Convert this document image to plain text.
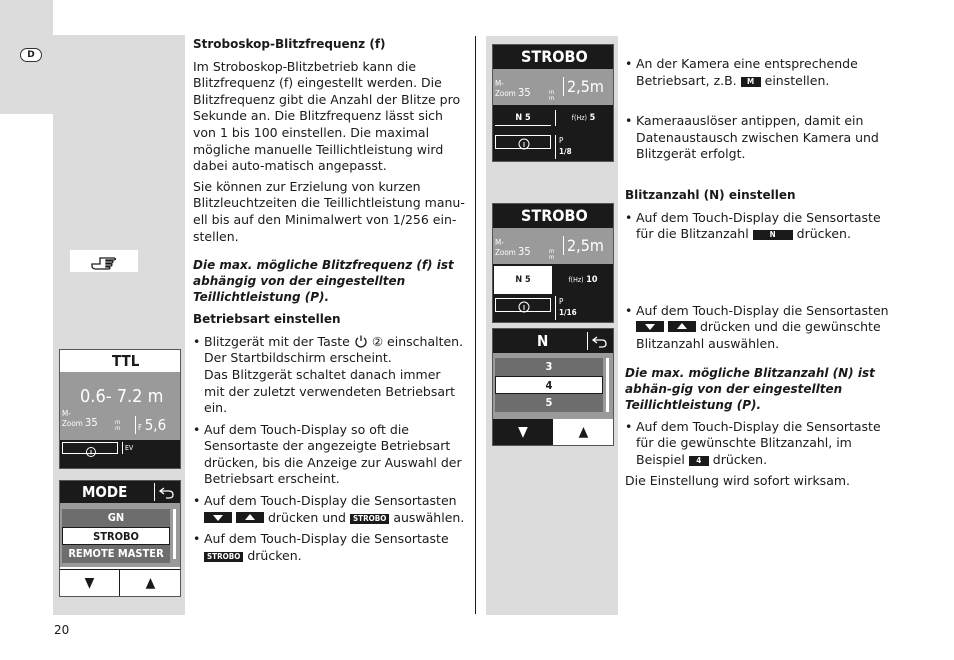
D
TTL
0.6- 7.2 m
M-
Zoom 35	m m	F 5,6
EV
MODE
GN
STROBO
REMOTE MASTER
▼	▲
Stroboskop-Blitzfrequenz (f)

Im Stroboskop-Blitzbetrieb kann die Blitzfrequenz (f) eingestellt werden. Die Blitzfrequenz gibt die Anzahl der Blitze pro Sekunde an. Die Blitzfrequenz lässt sich von 1 bis 100 einstellen. Die maximal mögliche manuelle Teillichtleistung wird dabei auto-matisch angepasst.

Sie können zur Erzielung von kurzen Blitzleuchtzeiten die Teillichtleistung manu-ell bis auf den Minimalwert von 1/256 ein-stellen.

Die max. mögliche Blitzfrequenz (f) ist abhängig von der eingestellten Teillichtleistung (P).
Betriebsart einstellen
• Blitzgerät mit der Taste ② einschalten. Der Startbildschirm erscheint.
Das Blitzgerät schaltet danach immer mit der zuletzt verwendeten Betriebsart ein.
• Auf dem Touch-Display so oft die Sensortaste der angezeigte Betriebsart drücken, bis die Anzeige zur Auswahl der Betriebsart erscheint.
• Auf dem Touch-Display die Sensortasten   drücken und STROBO auswählen.
• Auf dem Touch-Display die Sensortaste STROBO drücken.
STROBO
M-
Zoom 35	m m
2,5m
N 5	f(Hz) 5
P
1/8
STROBO
M-
Zoom 35	m m
2,5m
N 5	f(Hz) 10
P
1/16
N
3
4
5
▼	▲
• An der Kamera eine entsprechende Betriebsart, z.B. M einstellen.
• Kameraauslöser antippen, damit ein Datenaustausch zwischen Kamera und Blitzgerät erfolgt.
Blitzanzahl (N) einstellen
• Auf dem Touch-Display die Sensortaste für die Blitzanzahl	N drücken.
• Auf dem Touch-Display die Sensortasten
drücken und die gewünschte Blitzanzahl auswählen.
Die max. mögliche Blitzanzahl (N) ist abhän-gig von der eingestellten Teillichtleistung (P).
• Auf dem Touch-Display die Sensortaste für die gewünschte Blitzanzahl, im Beispiel 4 drücken.

Die Einstellung wird sofort wirksam.

20
